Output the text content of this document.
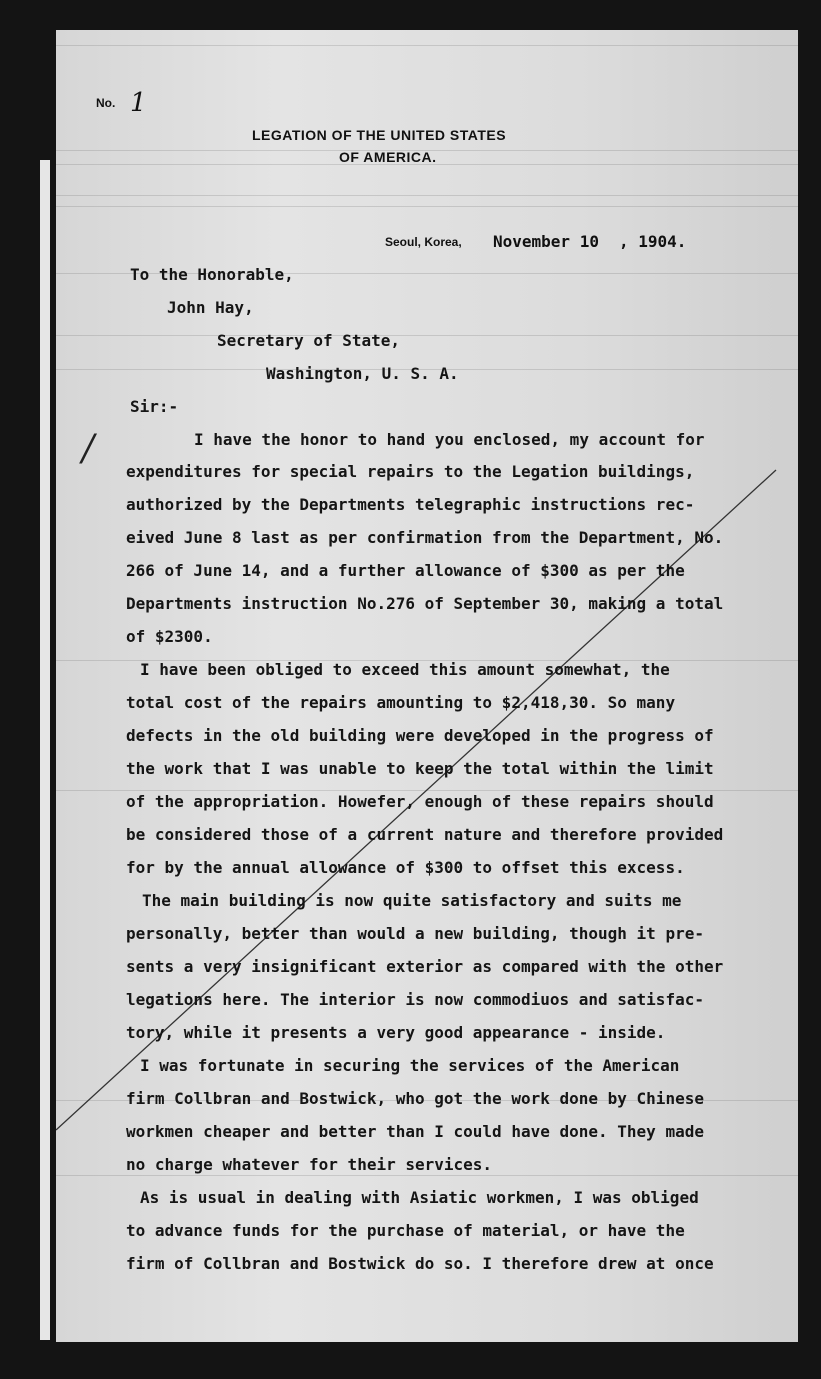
No. 1
LEGATION OF THE UNITED STATES
OF AMERICA.
Seoul, Korea, November 10 , 1904.
To the Honorable,
John Hay,
Secretary of State,
Washington, U. S. A.
Sir:-
/	I have the honor to hand you enclosed, my account for
expenditures for special repairs to the Legation buildings,
authorized by the Departments telegraphic instructions rec-
eived June 8 last as per confirmation from the Department, No.
266 of June 14, and a further allowance of $300 as per the
Departments instruction No.276 of September 30, making a total
of $2300.
I have been obliged to exceed this amount somewhat, the
total cost of the repairs amounting to $2,418,30. So many
defects in the old building were developed in the progress of
the work that I was unable to keep the total within the limit
of the appropriation. Howefer, enough of these repairs should
be considered those of a current nature and therefore provided
for by the annual allowance of $300 to offset this excess.
The main building is now quite satisfactory and suits me
personally, better than would a new building, though it pre-
sents a very insignificant exterior as compared with the other
legations here. The interior is now commodiuos and satisfac-
tory, while it presents a very good appearance - inside.
I was fortunate in securing the services of the American
firm Collbran and Bostwick, who got the work done by Chinese
workmen cheaper and better than I could have done. They made
no charge whatever for their services.
As is usual in dealing with Asiatic workmen, I was obliged
to advance funds for the purchase of material, or have the
firm of Collbran and Bostwick do so. I therefore drew at once
